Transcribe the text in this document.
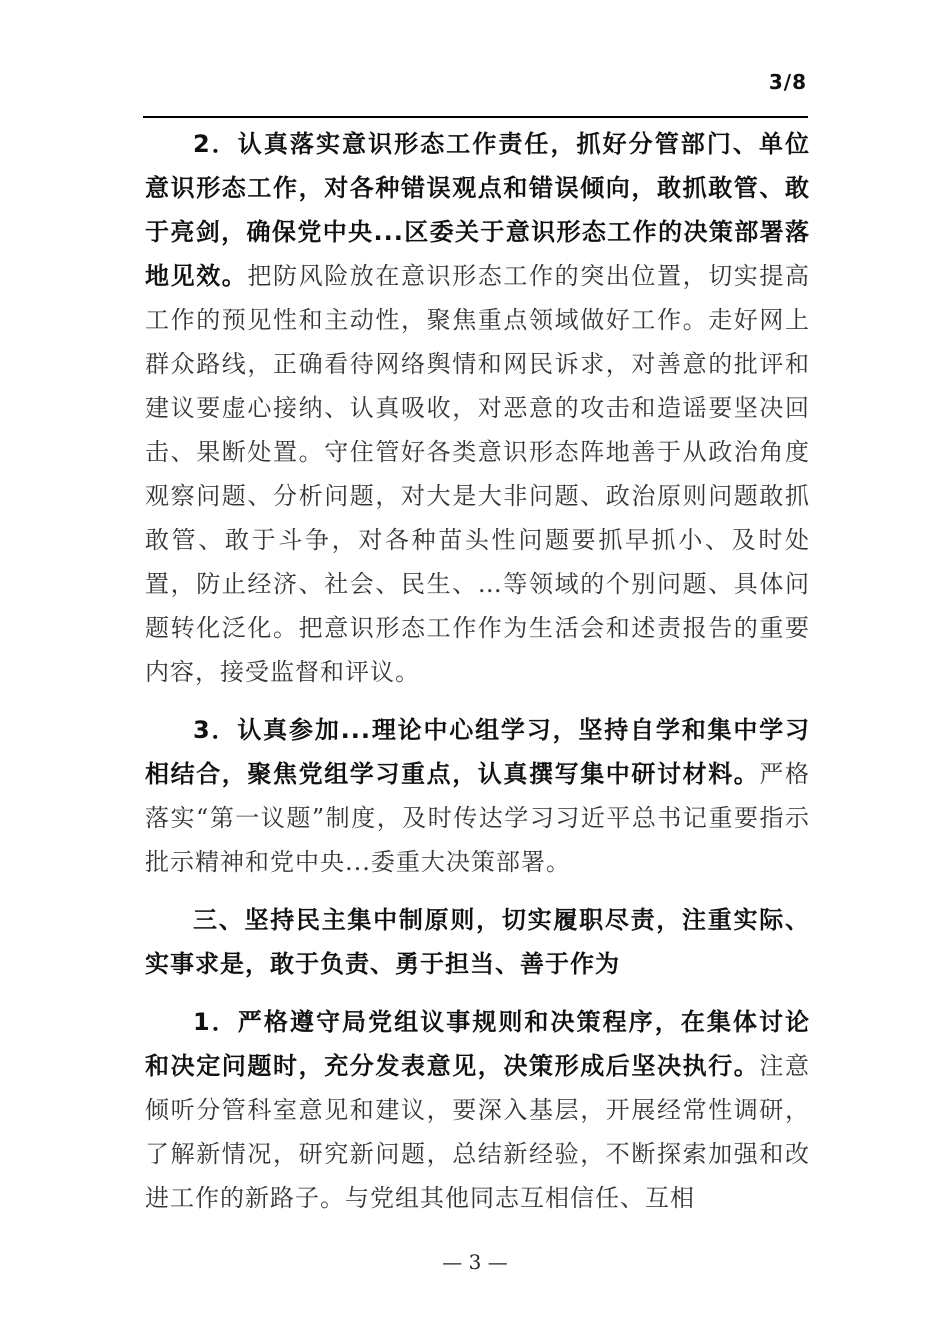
3/8

2．认真落实意识形态工作责任，抓好分管部门、单位意识形态工作，对各种错误观点和错误倾向，敢抓敢管、敢于亮剑，确保党中央...区委关于意识形态工作的决策部署落地见效。把防风险放在意识形态工作的突出位置，切实提高工作的预见性和主动性，聚焦重点领域做好工作。走好网上群众路线，正确看待网络舆情和网民诉求，对善意的批评和建议要虚心接纳、认真吸收，对恶意的攻击和造谣要坚决回击、果断处置。守住管好各类意识形态阵地善于从政治角度观察问题、分析问题，对大是大非问题、政治原则问题敢抓敢管、敢于斗争，对各种苗头性问题要抓早抓小、及时处置，防止经济、社会、民生、…等领域的个别问题、具体问题转化泛化。把意识形态工作作为生活会和述责报告的重要内容，接受监督和评议。

3．认真参加...理论中心组学习，坚持自学和集中学习相结合，聚焦党组学习重点，认真撰写集中研讨材料。严格落实“第一议题”制度，及时传达学习习近平总书记重要指示批示精神和党中央...委重大决策部署。

三、坚持民主集中制原则，切实履职尽责，注重实际、实事求是，敢于负责、勇于担当、善于作为

1．严格遵守局党组议事规则和决策程序，在集体讨论和决定问题时，充分发表意见，决策形成后坚决执行。注意倾听分管科室意见和建议，要深入基层，开展经常性调研，了解新情况，研究新问题，总结新经验，不断探索加强和改进工作的新路子。与党组其他同志互相信任、互相

— 3 —
